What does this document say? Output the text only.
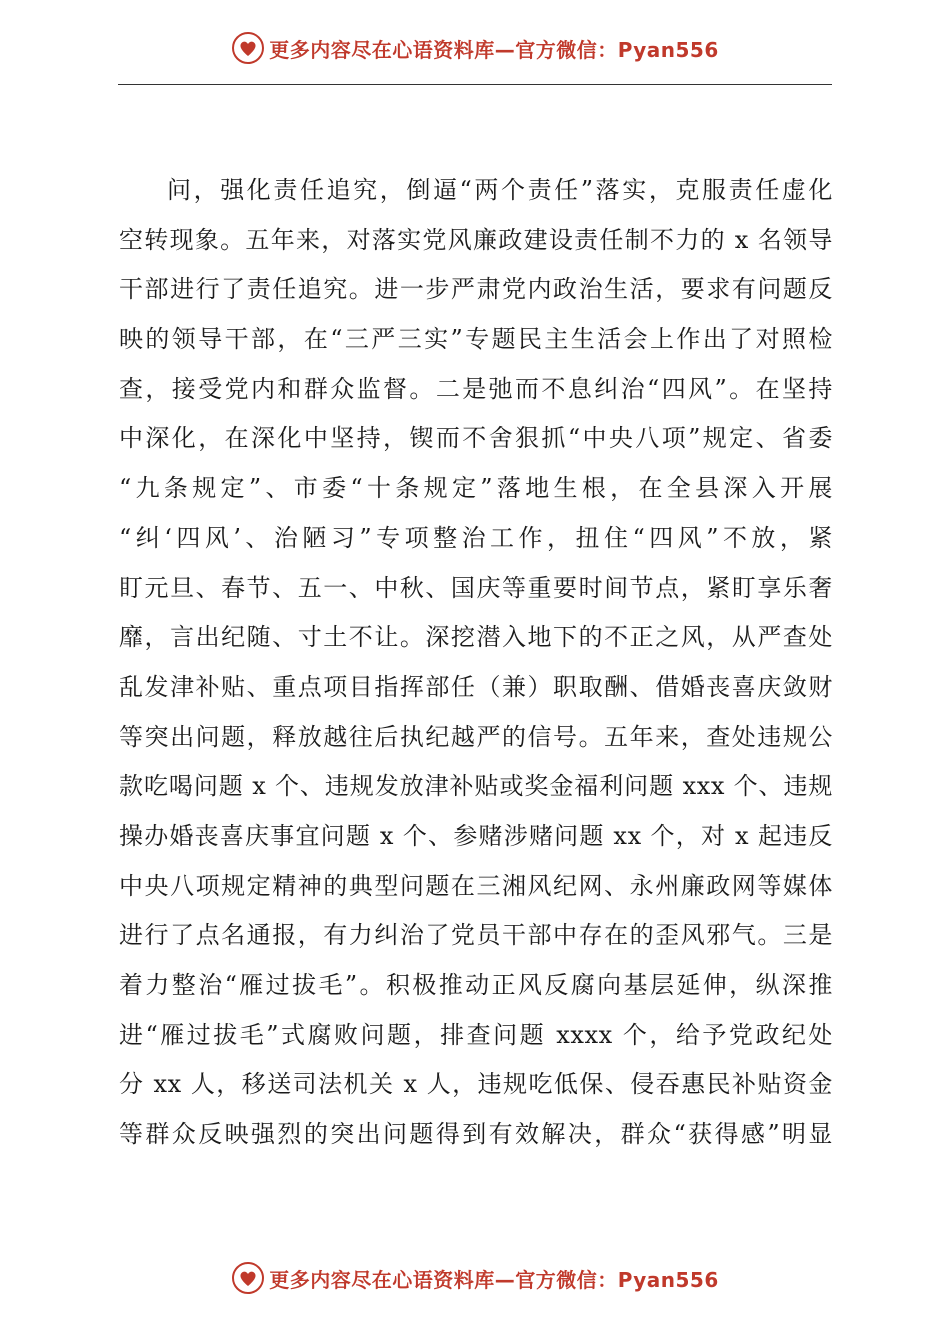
更多内容尽在心语资料库—官方微信：Pyan556
问，强化责任追究，倒逼“两个责任”落实，克服责任虚化
空转现象。五年来，对落实党风廉政建设责任制不力的 x 名领导
干部进行了责任追究。进一步严肃党内政治生活，要求有问题反
映的领导干部，在“三严三实”专题民主生活会上作出了对照检
查，接受党内和群众监督。二是弛而不息纠治“四风”。在坚持
中深化，在深化中坚持，锲而不舍狠抓“中央八项”规定、省委
“九条规定”、市委“十条规定”落地生根，在全县深入开展
“纠‘四风’、治陋习”专项整治工作，扭住“四风”不放，紧
盯元旦、春节、五一、中秋、国庆等重要时间节点，紧盯享乐奢
靡，言出纪随、寸土不让。深挖潜入地下的不正之风，从严查处
乱发津补贴、重点项目指挥部任（兼）职取酬、借婚丧喜庆敛财
等突出问题，释放越往后执纪越严的信号。五年来，查处违规公
款吃喝问题 x 个、违规发放津补贴或奖金福利问题 xxx 个、违规
操办婚丧喜庆事宜问题 x 个、参赌涉赌问题 xx 个，对 x 起违反
中央八项规定精神的典型问题在三湘风纪网、永州廉政网等媒体
进行了点名通报，有力纠治了党员干部中存在的歪风邪气。三是
着力整治“雁过拔毛”。积极推动正风反腐向基层延伸，纵深推
进“雁过拔毛”式腐败问题，排查问题 xxxx 个，给予党政纪处
分 xx 人，移送司法机关 x 人，违规吃低保、侵吞惠民补贴资金
等群众反映强烈的突出问题得到有效解决，群众“获得感”明显
更多内容尽在心语资料库—官方微信：Pyan556
